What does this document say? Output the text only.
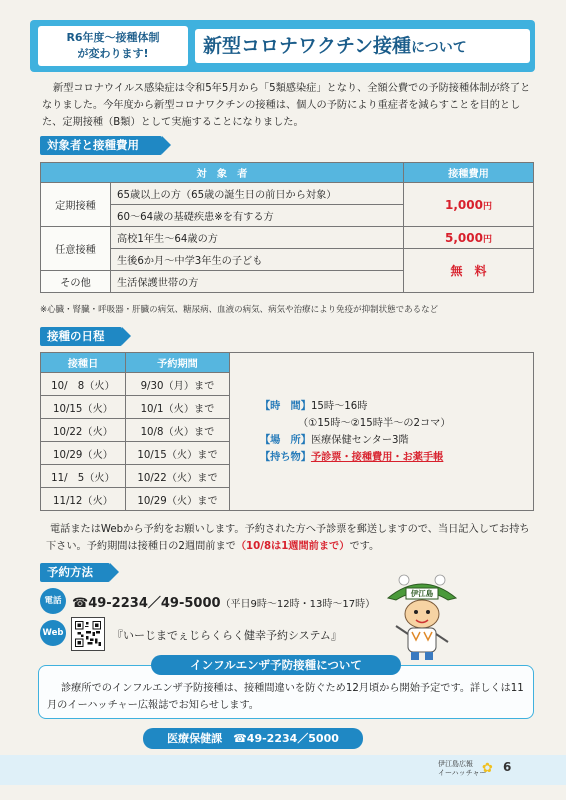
R6年度～接種体制
が変わります!	新型コロナワクチン接種について

新型コロナウイルス感染症は令和5年5月から「5類感染症」となり、全額公費での予防接種体制が終了となりました。今年度から新型コロナワクチンの接種は、個人の予防により重症者を減らすことを目的とした、定期接種（B類）として実施することになりました。

対象者と接種費用
対　象　者		接種費用
定期接種	65歳以上の方（65歳の誕生日の前日から対象）	1,000円
	60～64歳の基礎疾患※を有する方	
任意接種	高校1年生～64歳の方	5,000円
	生後6か月～中学3年生の子ども	無　料
その他	生活保護世帯の方	

※心臓・腎臓・呼吸器・肝臓の病気、糖尿病、血液の病気、病気や治療により免疫が抑制状態であるなど

接種の日程
接種日	予約期間	【時　間】15時～16時
（①15時～②15時半～の2コマ）
【場　所】医療保健センター3階
【持ち物】予診票・接種費用・お薬手帳

10/　8（火）	9/30（月）まで	
10/15（火）	10/1（火）まで	
10/22（火）	10/8（火）まで	
10/29（火）	10/15（火）まで	
11/　5（火）	10/22（火）まで	
11/12（火）	10/29（火）まで	

電話またはWebから予約をお願いします。予約された方へ予診票を郵送しますので、当日記入してお持ち下さい。予約期間は接種日の2週間前まで（10/8は1週間前まで）です。

予約方法
電話 ☎49-2234／49-5000（平日9時～12時・13時～17時）
Web	『いーじまでぇじらくらく健幸予約システム』
伊江島
インフルエンザ予防接種について

診療所でのインフルエンザ予防接種は、接種間違いを防ぐため12月頃から開始予定です。詳しくは11月のイーハッチャー広報誌でお知らせします。

医療保健課　☎49-2234／5000
伊江島広報
イーハッチャー
✿ 6
